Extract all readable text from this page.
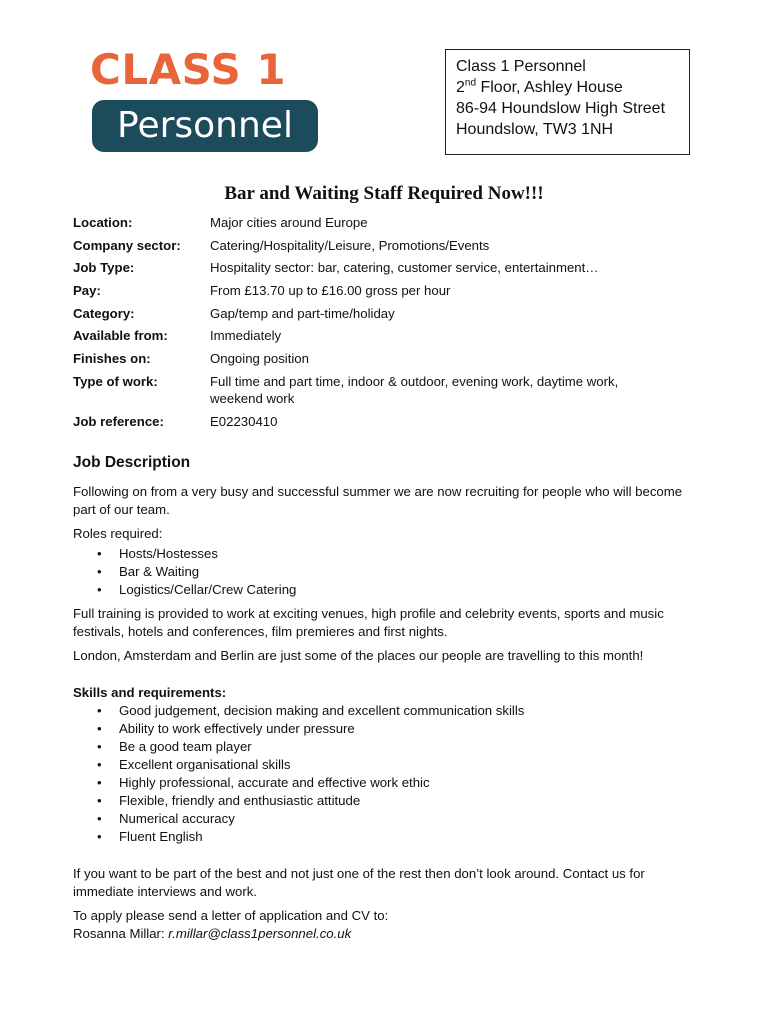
CLASS 1
Personnel
Class 1 Personnel
2nd Floor, Ashley House
86-94 Houndslow High Street
Houndslow, TW3 1NH
Bar and Waiting Staff Required Now!!!
Location:	Major cities around Europe
Company sector:	Catering/Hospitality/Leisure, Promotions/Events
Job Type:	Hospitality sector: bar, catering, customer service, entertainment…
Pay:	From £13.70 up to £16.00 gross per hour
Category:	Gap/temp and part-time/holiday
Available from:	Immediately
Finishes on:	Ongoing position
Type of work:	Full time and part time, indoor & outdoor, evening work, daytime work, weekend work
Job reference:	E02230410
Job Description

Following on from a very busy and successful summer we are now recruiting for people who will become part of our team.

Roles required:

• Hosts/Hostesses
• Bar & Waiting
• Logistics/Cellar/Crew Catering

Full training is provided to work at exciting venues, high profile and celebrity events, sports and music festivals, hotels and conferences, film premieres and first nights.

London, Amsterdam and Berlin are just some of the places our people are travelling to this month!

Skills and requirements:

• Good judgement, decision making and excellent communication skills
• Ability to work effectively under pressure
• Be a good team player
• Excellent organisational skills
• Highly professional, accurate and effective work ethic
• Flexible, friendly and enthusiastic attitude
• Numerical accuracy
• Fluent English

If you want to be part of the best and not just one of the rest then don’t look around. Contact us for immediate interviews and work.

To apply please send a letter of application and CV to:

Rosanna Millar: r.millar@class1personnel.co.uk
